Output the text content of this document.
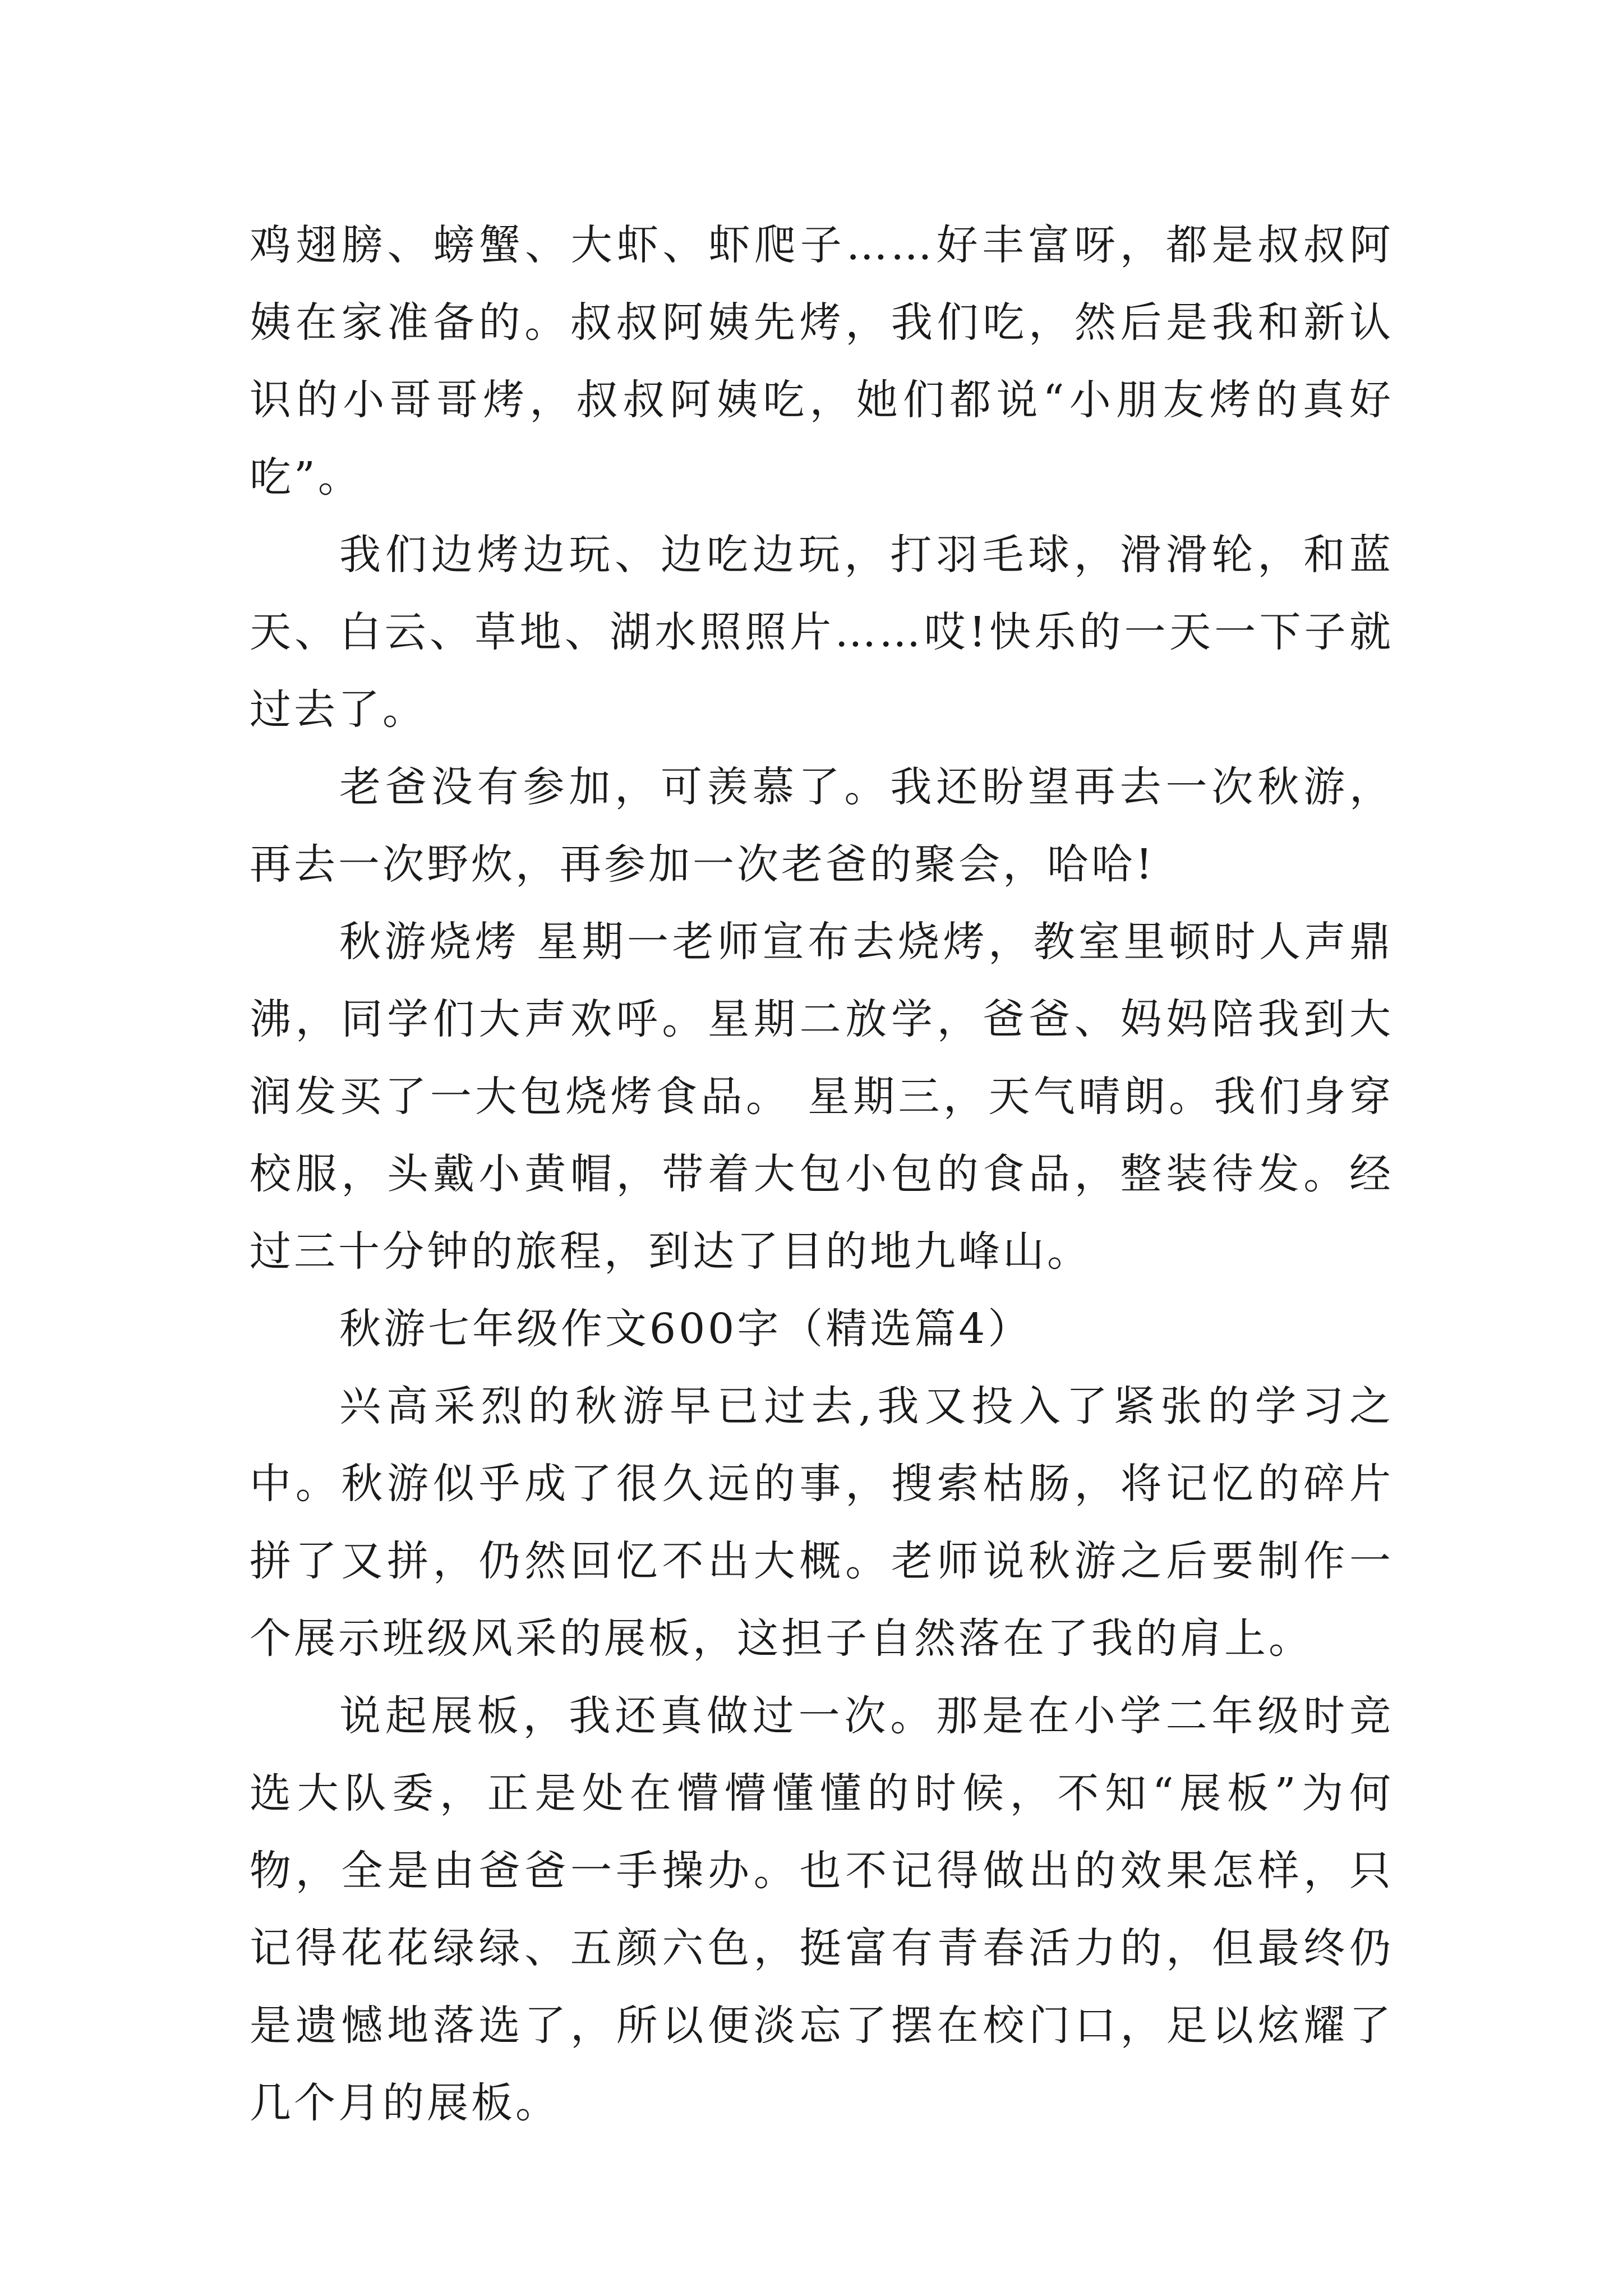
鸡翅膀、螃蟹、大虾、虾爬子……好丰富呀，都是叔叔阿姨在家准备的。叔叔阿姨先烤，我们吃，然后是我和新认识的小哥哥烤，叔叔阿姨吃，她们都说“小朋友烤的真好吃”。

我们边烤边玩、边吃边玩，打羽毛球，滑滑轮，和蓝天、白云、草地、湖水照照片……哎!快乐的一天一下子就过去了。

老爸没有参加，可羡慕了。我还盼望再去一次秋游，再去一次野炊，再参加一次老爸的聚会，哈哈!

秋游烧烤 星期一老师宣布去烧烤，教室里顿时人声鼎沸，同学们大声欢呼。星期二放学，爸爸、妈妈陪我到大润发买了一大包烧烤食品。 星期三，天气晴朗。我们身穿校服，头戴小黄帽，带着大包小包的食品，整装待发。经过三十分钟的旅程，到达了目的地九峰山。

秋游七年级作文600字（精选篇4）

兴高采烈的秋游早已过去,我又投入了紧张的学习之中。秋游似乎成了很久远的事，搜索枯肠，将记忆的碎片拼了又拼，仍然回忆不出大概。老师说秋游之后要制作一个展示班级风采的展板，这担子自然落在了我的肩上。

说起展板，我还真做过一次。那是在小学二年级时竞选大队委，正是处在懵懵懂懂的时候，不知“展板”为何物，全是由爸爸一手操办。也不记得做出的效果怎样，只记得花花绿绿、五颜六色，挺富有青春活力的，但最终仍是遗憾地落选了，所以便淡忘了摆在校门口，足以炫耀了几个月的展板。
